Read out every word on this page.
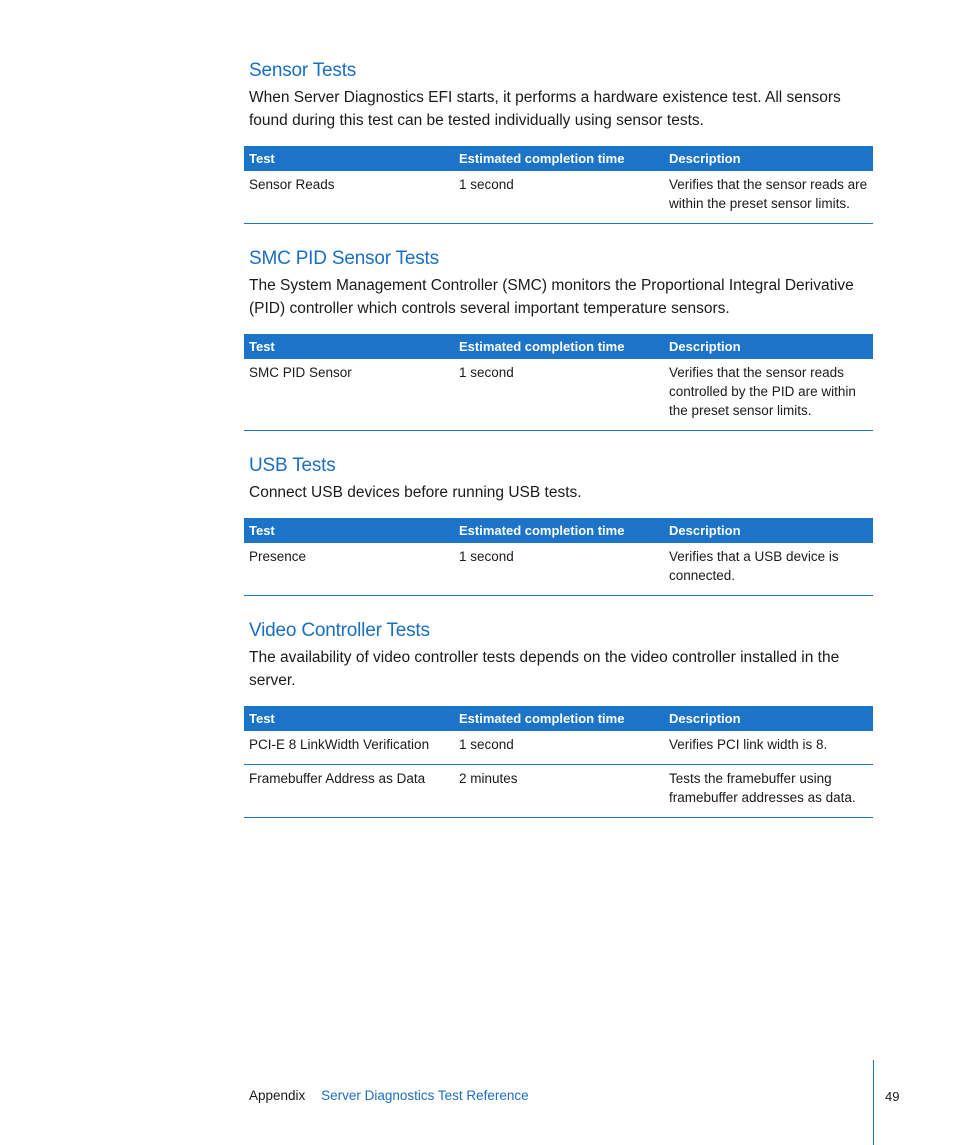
Sensor Tests

When Server Diagnostics EFI starts, it performs a hardware existence test. All sensors found during this test can be tested individually using sensor tests.

Test	Estimated completion time	Description
Sensor Reads	1 second	Verifies that the sensor reads are within the preset sensor limits.
SMC PID Sensor Tests

The System Management Controller (SMC) monitors the Proportional Integral Derivative (PID) controller which controls several important temperature sensors.

Test	Estimated completion time	Description
SMC PID Sensor	1 second	Verifies that the sensor reads controlled by the PID are within the preset sensor limits.
USB Tests

Connect USB devices before running USB tests.

Test	Estimated completion time	Description
Presence	1 second	Verifies that a USB device is connected.
Video Controller Tests

The availability of video controller tests depends on the video controller installed in the server.

Test	Estimated completion time	Description
PCI-E 8 LinkWidth Verification	1 second	Verifies PCI link width is 8.
Framebuffer Address as Data	2 minutes	Tests the framebuffer using framebuffer addresses as data.
Appendix Server Diagnostics Test Reference	49
